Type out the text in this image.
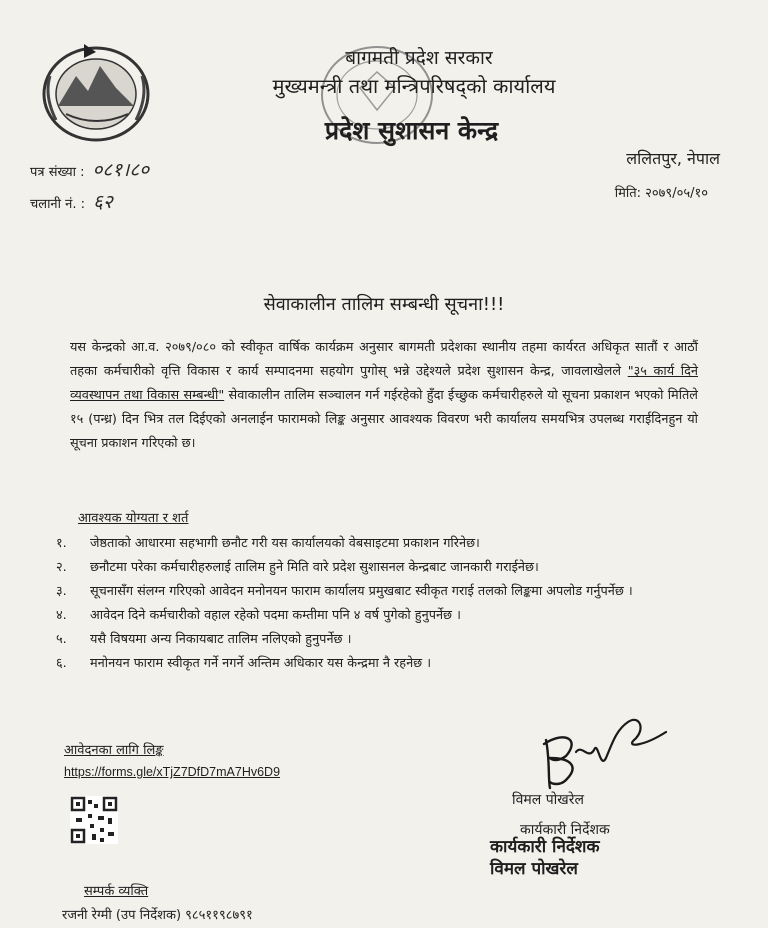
बागमती प्रदेश सरकार
मुख्यमन्त्री तथा मन्त्रिपरिषद्को कार्यालय
प्रदेश सुशासन केन्द्र
ललितपुर, नेपाल
पत्र संख्या : ०८१।८०
चलानी नं. : ६२	मिति: २०७९/०५/१०
सेवाकालीन तालिम सम्बन्धी सूचना!!!
यस केन्द्रको आ.व. २०७९/०८० को स्वीकृत वार्षिक कार्यक्रम अनुसार बागमती प्रदेशका स्थानीय तहमा कार्यरत अधिकृत सातौं र आठौं तहका कर्मचारीको वृत्ति विकास र कार्य सम्पादनमा सहयोग पुगोस् भन्ने उद्देश्यले प्रदेश सुशासन केन्द्र, जावलाखेलले "३५ कार्य दिने व्यवस्थापन तथा विकास सम्बन्धी" सेवाकालीन तालिम सञ्चालन गर्न गईरहेको हुँदा ईच्छुक कर्मचारीहरुले यो सूचना प्रकाशन भएको मितिले १५ (पन्ध्र) दिन भित्र तल दिईएको अनलाईन फारामको लिङ्क अनुसार आवश्यक विवरण भरी कार्यालय समयभित्र उपलब्ध गराईदिनहुन यो सूचना प्रकाशन गरिएको छ।
आवश्यक योग्यता र शर्त
१. जेष्ठताको आधारमा सहभागी छनौट गरी यस कार्यालयको वेबसाइटमा प्रकाशन गरिनेछ।
२. छनौटमा परेका कर्मचारीहरुलाई तालिम हुने मिति वारे प्रदेश सुशासनल केन्द्रबाट जानकारी गराईनेछ।
३. सूचनासँग संलग्न गरिएको आवेदन मनोनयन फाराम कार्यालय प्रमुखबाट स्वीकृत गराई तलको लिङ्कमा अपलोड गर्नुपर्नेछ ।
४. आवेदन दिने कर्मचारीको वहाल रहेको पदमा कम्तीमा पनि ४ वर्ष पुगेको हुनुपर्नेछ ।
५. यसै विषयमा अन्य निकायबाट तालिम नलिएको हुनुपर्नेछ ।
६. मनोनयन फाराम स्वीकृत गर्ने नगर्ने अन्तिम अधिकार यस केन्द्रमा नै रहनेछ ।
आवेदनका लागि लिङ्क
https://forms.gle/xTjZ7DfD7mA7Hv6D9
विमल पोखरेल
कार्यकारी निर्देशक
कार्यकारी निर्देशक
विमल पोखरेल
सम्पर्क व्यक्ति
रजनी रेग्मी (उप निर्देशक) ९८५११९८७९१
